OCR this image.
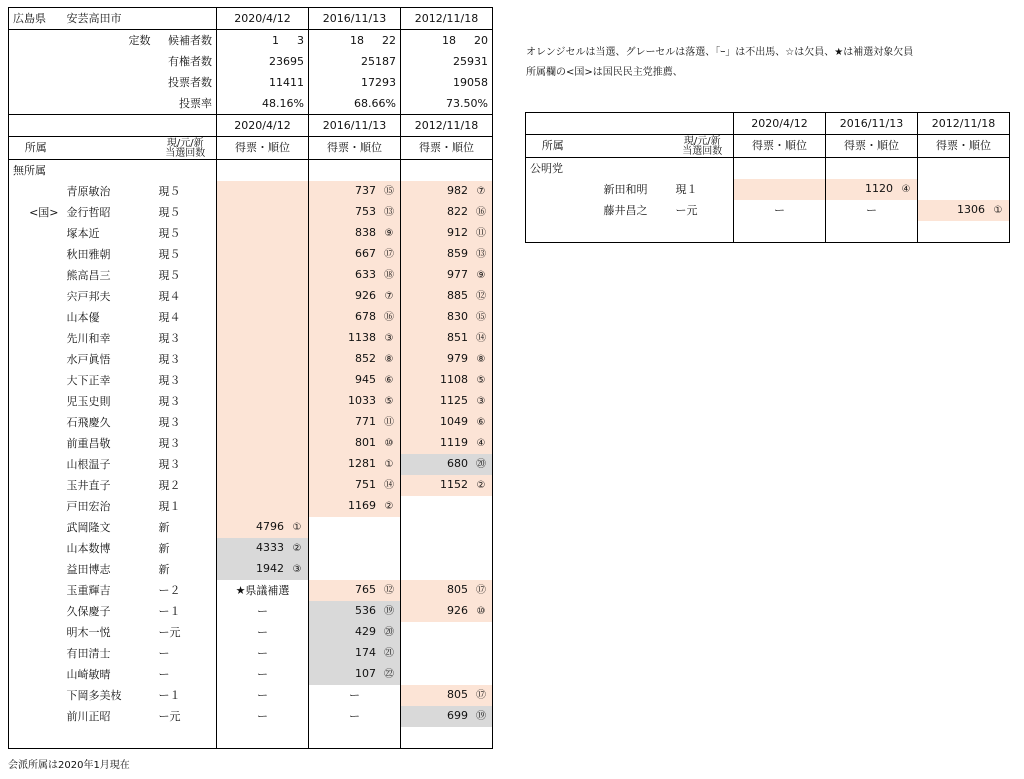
広島県	安芸高田市		2020/4/12	2016/11/13	2012/11/18
	定数	候補者数	1 3	18 22	18 20
		有権者数	23695	25187	25931
		投票者数	11411	17293	19058
		投票率	48.16%	68.66%	73.50%
			2020/4/12	2016/11/13	2012/11/18
所属		現/元/新
当選回数	得票・順位	得票・順位	得票・順位
無所属					
	青原敏治	現５		737 ⑮	982 ⑦
<国>	金行哲昭	現５		753 ⑬	822 ⑯
	塚本近	現５		838 ⑨	912 ⑪
	秋田雅朝	現５		667 ⑰	859 ⑬
	熊高昌三	現５		633 ⑱	977 ⑨
	宍戸邦夫	現４		926 ⑦	885 ⑫
	山本優	現４		678 ⑯	830 ⑮
	先川和幸	現３		1138 ③	851 ⑭
	水戸眞悟	現３		852 ⑧	979 ⑧
	大下正幸	現３		945 ⑥	1108 ⑤
	児玉史則	現３		1033 ⑤	1125 ③
	石飛慶久	現３		771 ⑪	1049 ⑥
	前重昌敬	現３		801 ⑩	1119 ④
	山根温子	現３		1281 ①	680 ⑳
	玉井直子	現２		751 ⑭	1152 ②
	戸田宏治	現１		1169 ②	
	武岡隆文	新	4796 ①		
	山本数博	新	4333 ②		
	益田博志	新	1942 ③		
	玉重輝吉	ー２	★県議補選	765 ⑫	805 ⑰
	久保慶子	ー１	ー	536 ⑲	926 ⑩
	明木一悦	ー元	ー	429 ⑳	
	有田清士	ー	ー	174 ㉑	
	山崎敏晴	ー	ー	107 ㉒	
	下岡多美枝	ー１	ー	ー	805 ⑰
	前川正昭	ー元	ー	ー	699 ⑲

会派所属は2020年1月現在
オレンジセルは当選、グレーセルは落選、「ｰ」は不出馬、☆は欠員、★は補選対象欠員
所属欄の<国>は国民民主党推薦、
			2020/4/12	2016/11/13	2012/11/18
所属		現/元/新
当選回数	得票・順位	得票・順位	得票・順位
公明党					
	新田和明	現１		1120 ④	
	藤井昌之	ー元	ー	ー	1306 ①
